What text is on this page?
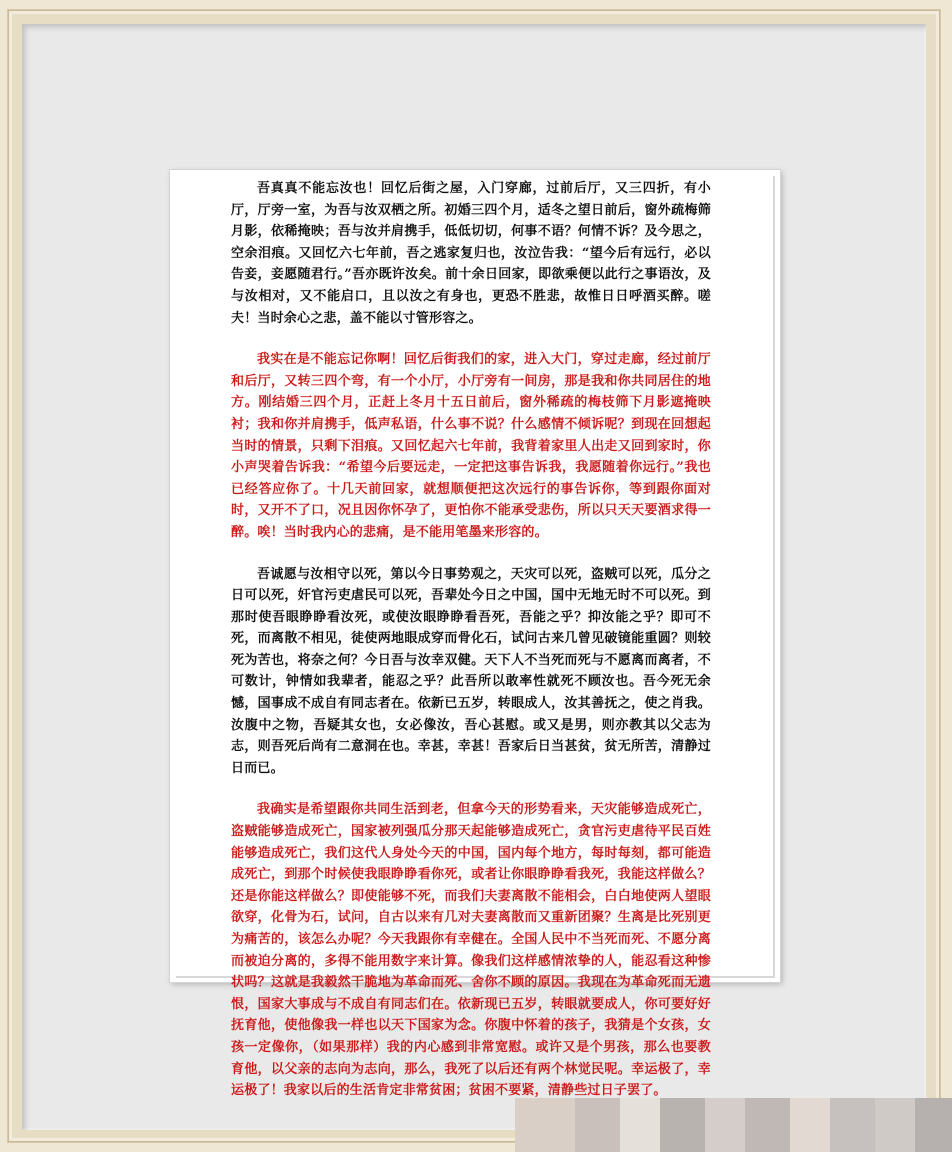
吾真真不能忘汝也！回忆后街之屋，入门穿廊，过前后厅，又三四折，有小厅，厅旁一室，为吾与汝双栖之所。初婚三四个月，适冬之望日前后，窗外疏梅筛月影，依稀掩映；吾与汝并肩携手，低低切切，何事不语？何情不诉？及今思之，空余泪痕。又回忆六七年前，吾之逃家复归也，汝泣告我：“望今后有远行，必以告妾，妾愿随君行。”吾亦既许汝矣。前十余日回家，即欲乘便以此行之事语汝，及与汝相对，又不能启口，且以汝之有身也，更恐不胜悲，故惟日日呼酒买醉。嗟夫！当时余心之悲，盖不能以寸管形容之。

我实在是不能忘记你啊！回忆后街我们的家，进入大门，穿过走廊，经过前厅和后厅，又转三四个弯，有一个小厅，小厅旁有一间房，那是我和你共同居住的地方。刚结婚三四个月，正赶上冬月十五日前后，窗外稀疏的梅枝筛下月影遮掩映衬；我和你并肩携手，低声私语，什么事不说？什么感情不倾诉呢？到现在回想起当时的情景，只剩下泪痕。又回忆起六七年前，我背着家里人出走又回到家时，你小声哭着告诉我：“希望今后要远走，一定把这事告诉我，我愿随着你远行。”我也已经答应你了。十几天前回家，就想顺便把这次远行的事告诉你，等到跟你面对时，又开不了口，况且因你怀孕了，更怕你不能承受悲伤，所以只天天要酒求得一醉。唉！当时我内心的悲痛，是不能用笔墨来形容的。

吾诚愿与汝相守以死，第以今日事势观之，天灾可以死，盗贼可以死，瓜分之日可以死，奸官污吏虐民可以死，吾辈处今日之中国，国中无地无时不可以死。到那时使吾眼睁睁看汝死，或使汝眼睁睁看吾死，吾能之乎？抑汝能之乎？即可不死，而离散不相见，徒使两地眼成穿而骨化石，试问古来几曾见破镜能重圆？则较死为苦也，将奈之何？今日吾与汝幸双健。天下人不当死而死与不愿离而离者，不可数计，钟情如我辈者，能忍之乎？此吾所以敢率性就死不顾汝也。吾今死无余憾，国事成不成自有同志者在。依新已五岁，转眼成人，汝其善抚之，使之肖我。汝腹中之物，吾疑其女也，女必像汝，吾心甚慰。或又是男，则亦教其以父志为志，则吾死后尚有二意洞在也。幸甚，幸甚！吾家后日当甚贫，贫无所苦，清静过日而已。

我确实是希望跟你共同生活到老，但拿今天的形势看来，天灾能够造成死亡，盗贼能够造成死亡，国家被列强瓜分那天起能够造成死亡，贪官污吏虐待平民百姓能够造成死亡，我们这代人身处今天的中国，国内每个地方，每时每刻，都可能造成死亡，到那个时候使我眼睁睁看你死，或者让你眼睁睁看我死，我能这样做么？还是你能这样做么？即使能够不死，而我们夫妻离散不能相会，白白地使两人望眼欲穿，化骨为石，试问，自古以来有几对夫妻离散而又重新团聚？生离是比死别更为痛苦的，该怎么办呢？今天我跟你有幸健在。全国人民中不当死而死、不愿分离而被迫分离的，多得不能用数字来计算。像我们这样感情浓挚的人，能忍看这种惨状吗？这就是我毅然干脆地为革命而死、舍你不顾的原因。我现在为革命死而无遗恨，国家大事成与不成自有同志们在。依新现已五岁，转眼就要成人，你可要好好抚育他，使他像我一样也以天下国家为念。你腹中怀着的孩子，我猜是个女孩，女孩一定像你，（如果那样）我的内心感到非常宽慰。或许又是个男孩，那么也要教育他，以父亲的志向为志向，那么，我死了以后还有两个林觉民呢。幸运极了，幸运极了！我家以后的生活肯定非常贫困；贫困不要紧，清静些过日子罢了。
